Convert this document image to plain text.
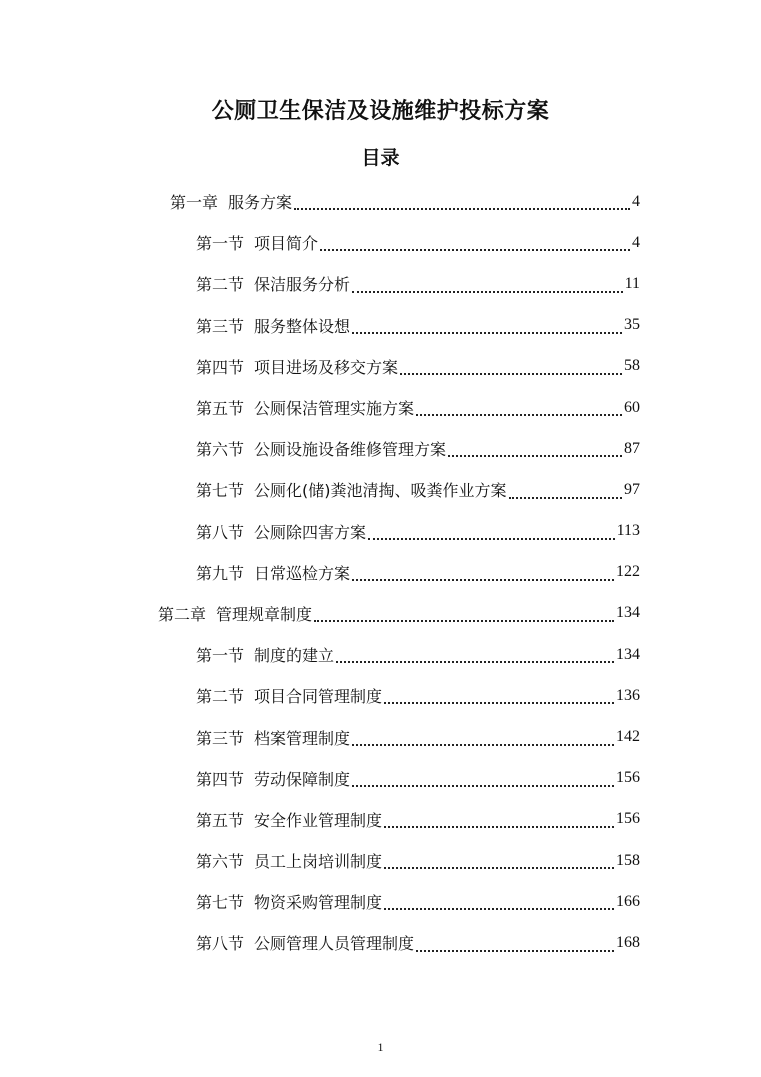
公厕卫生保洁及设施维护投标方案
目录
第一章 服务方案	4
第一节 项目简介	4
第二节 保洁服务分析	11
第三节 服务整体设想	35
第四节 项目进场及移交方案	58
第五节 公厕保洁管理实施方案	60
第六节 公厕设施设备维修管理方案	87
第七节 公厕化(储)粪池清掏、吸粪作业方案	97
第八节 公厕除四害方案	113
第九节 日常巡检方案	122
第二章 管理规章制度	134
第一节 制度的建立	134
第二节 项目合同管理制度	136
第三节 档案管理制度	142
第四节 劳动保障制度	156
第五节 安全作业管理制度	156
第六节 员工上岗培训制度	158
第七节 物资采购管理制度	166
第八节 公厕管理人员管理制度	168
1
